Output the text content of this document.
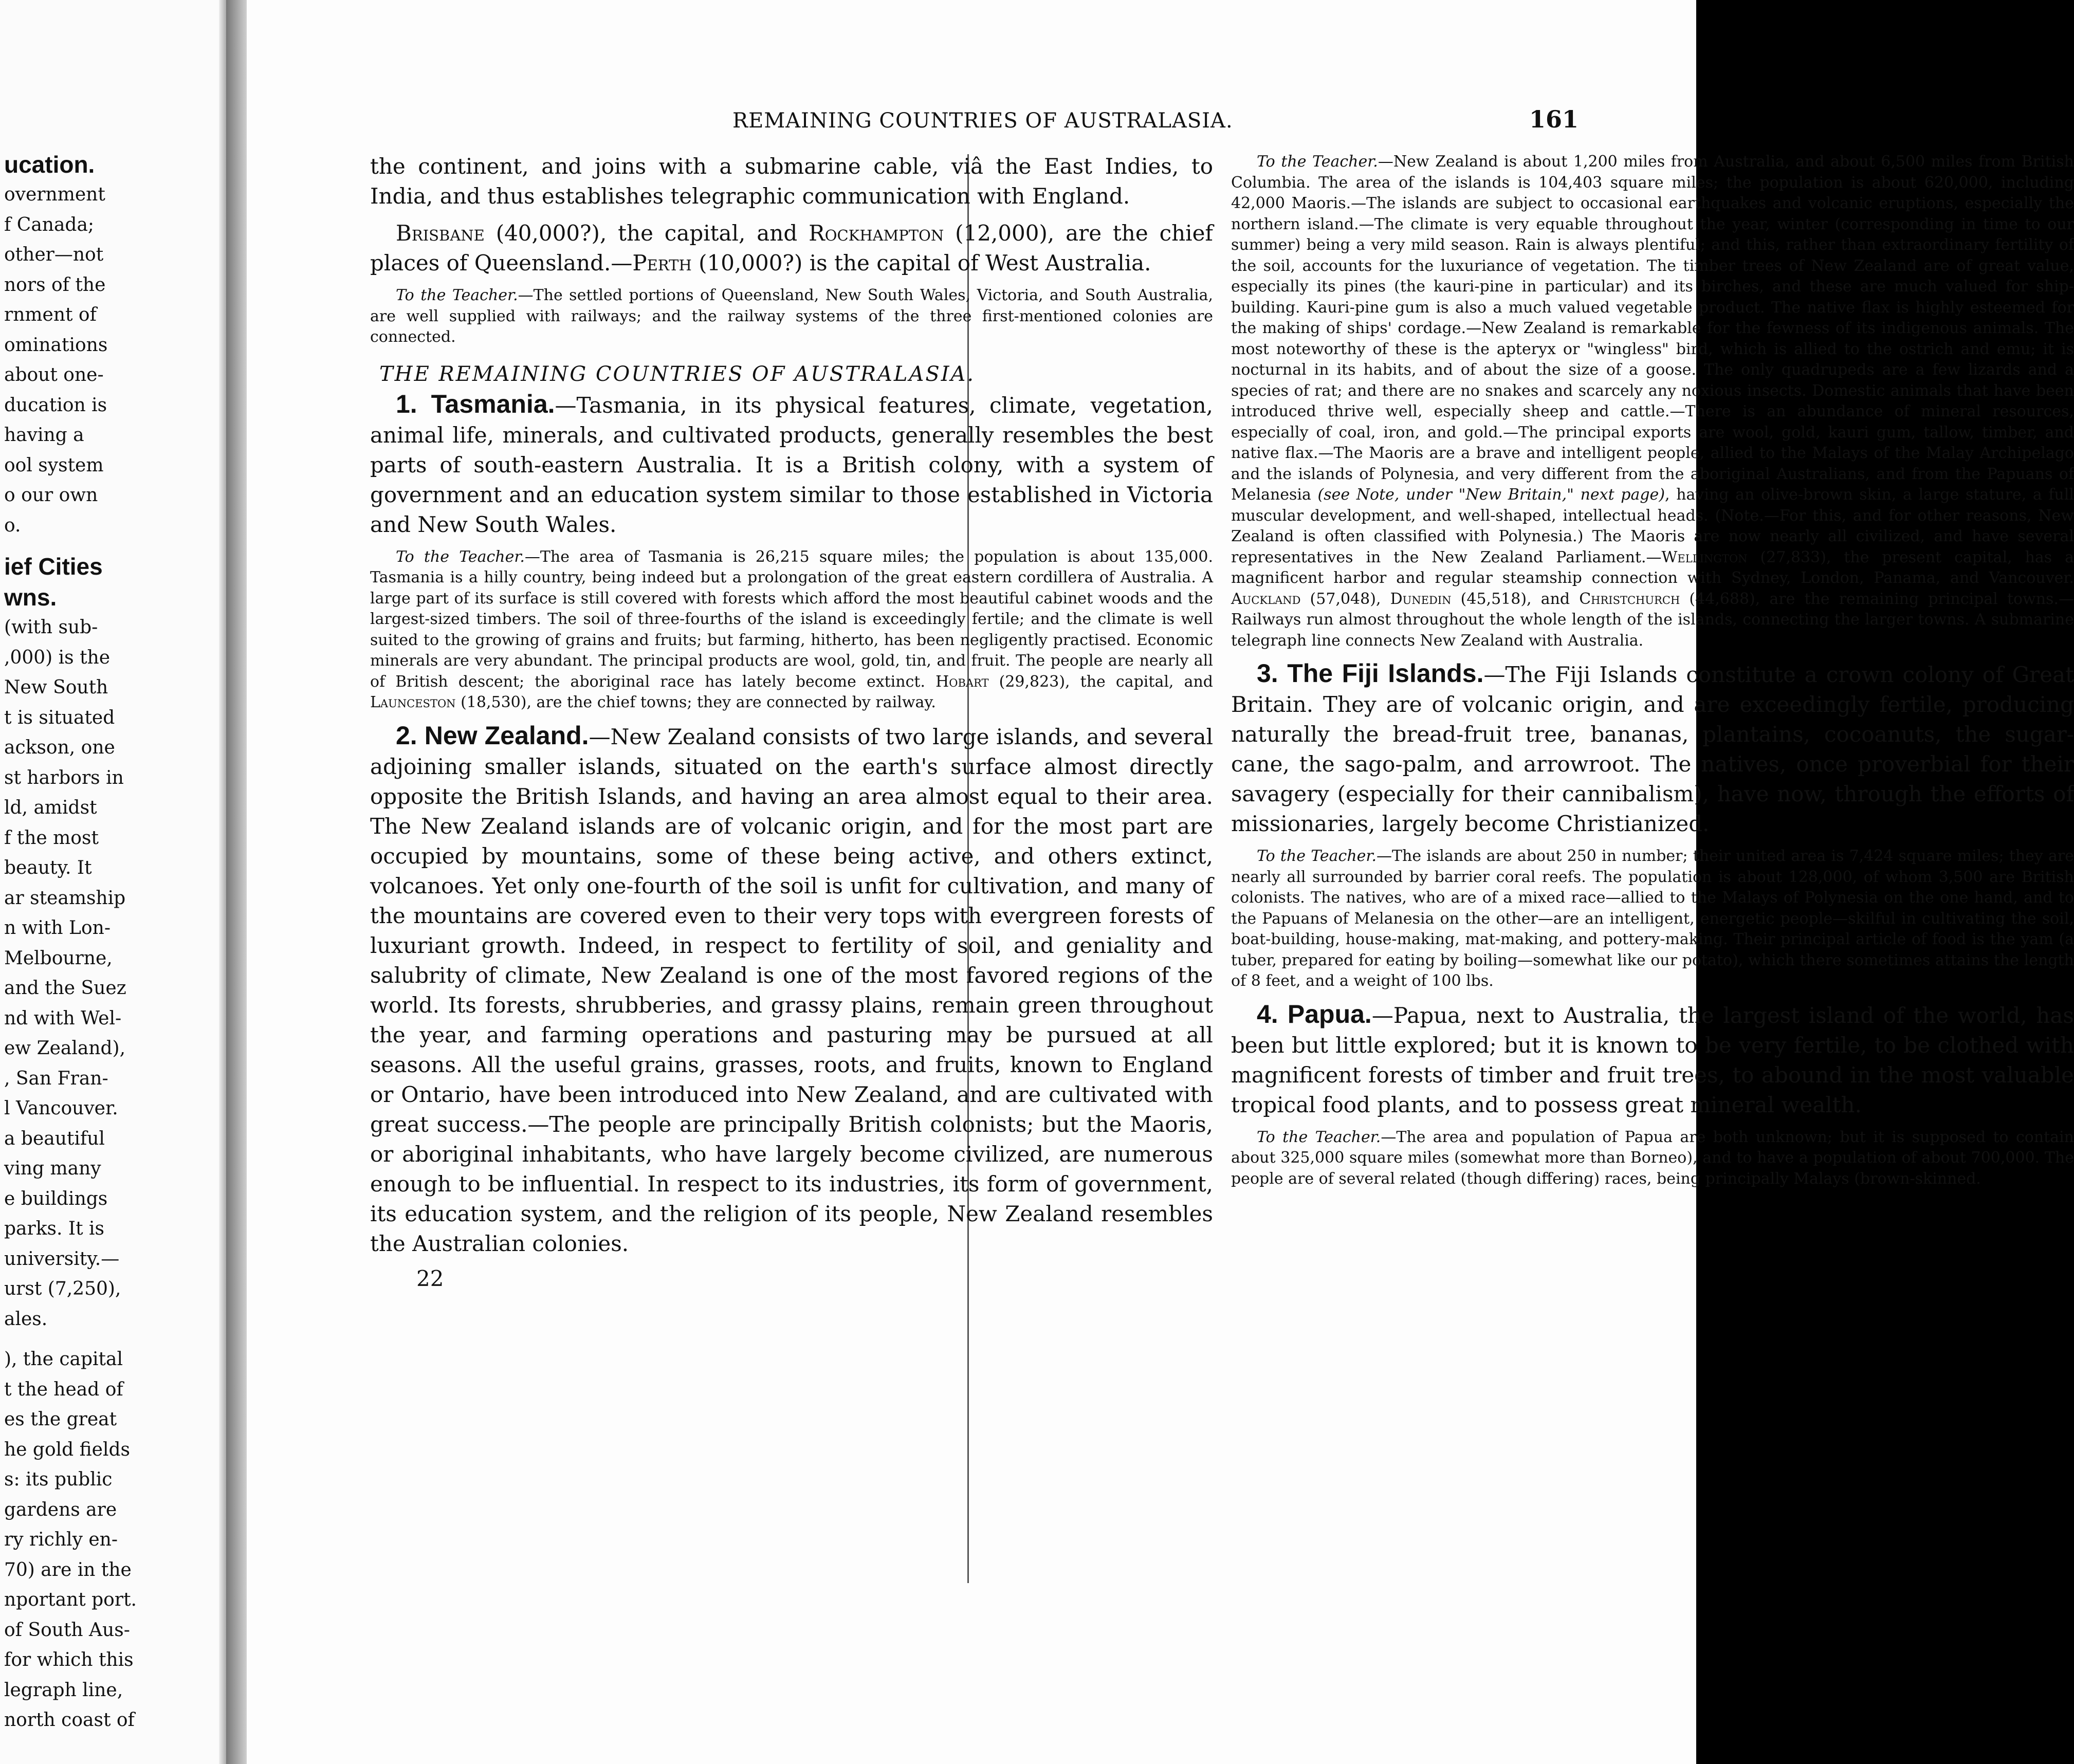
ucation.
overnment
f Canada;
other—not
nors of the
rnment of
ominations
about one-
ducation is
having a
ool system
o our own
o.
ief Cities
wns.
(with sub-
,000) is the
New South
t is situated
ackson, one
st harbors in
ld, amidst
f the most
beauty. It
ar steamship
n with Lon-
Melbourne,
and the Suez
nd with Wel-
ew Zealand),
, San Fran-
l Vancouver.
a beautiful
ving many
e buildings
parks. It is
university.—
urst (7,250),
ales.
), the capital
t the head of
es the great
he gold fields
s: its public
gardens are
ry richly en-
70) are in the
nportant port.
of South Aus-
for which this
legraph line,
north coast of
REMAINING COUNTRIES OF AUSTRALASIA.	161

the continent, and joins with a submarine cable, viâ the East Indies, to India, and thus establishes telegraphic communication with England.

Brisbane (40,000?), the capital, and Rockhampton (12,000), are the chief places of Queensland.—Perth (10,000?) is the capital of West Australia.

To the Teacher.—The settled portions of Queensland, New South Wales, Victoria, and South Australia, are well supplied with railways; and the railway systems of the three first-mentioned colonies are connected.

THE REMAINING COUNTRIES OF AUSTRALASIA.

1. Tasmania.—Tasmania, in its physical features, climate, vegetation, animal life, minerals, and cultivated products, generally resembles the best parts of south-eastern Australia. It is a British colony, with a system of government and an education system similar to those established in Victoria and New South Wales.

To the Teacher.—The area of Tasmania is 26,215 square miles; the population is about 135,000. Tasmania is a hilly country, being indeed but a prolongation of the great eastern cordillera of Australia. A large part of its surface is still covered with forests which afford the most beautiful cabinet woods and the largest-sized timbers. The soil of three-fourths of the island is exceedingly fertile; and the climate is well suited to the growing of grains and fruits; but farming, hitherto, has been negligently practised. Economic minerals are very abundant. The principal products are wool, gold, tin, and fruit. The people are nearly all of British descent; the aboriginal race has lately become extinct. Hobart (29,823), the capital, and Launceston (18,530), are the chief towns; they are connected by railway.

2. New Zealand.—New Zealand consists of two large islands, and several adjoining smaller islands, situated on the earth's surface almost directly opposite the British Islands, and having an area almost equal to their area. The New Zealand islands are of volcanic origin, and for the most part are occupied by mountains, some of these being active, and others extinct, volcanoes. Yet only one-fourth of the soil is unfit for cultivation, and many of the mountains are covered even to their very tops with evergreen forests of luxuriant growth. Indeed, in respect to fertility of soil, and geniality and salubrity of climate, New Zealand is one of the most favored regions of the world. Its forests, shrubberies, and grassy plains, remain green throughout the year, and farming operations and pasturing may be pursued at all seasons. All the useful grains, grasses, roots, and fruits, known to England or Ontario, have been introduced into New Zealand, and are cultivated with great success.—The people are principally British colonists; but the Maoris, or aboriginal inhabitants, who have largely become civilized, are numerous enough to be influential. In respect to its industries, its form of government, its education system, and the religion of its people, New Zealand resembles the Australian colonies.

22

To the Teacher.—New Zealand is about 1,200 miles from Australia, and about 6,500 miles from British Columbia. The area of the islands is 104,403 square miles; the population is about 620,000, including 42,000 Maoris.—The islands are subject to occasional earthquakes and volcanic eruptions, especially the northern island.—The climate is very equable throughout the year, winter (corresponding in time to our summer) being a very mild season. Rain is always plentiful; and this, rather than extraordinary fertility of the soil, accounts for the luxuriance of vegetation. The timber trees of New Zealand are of great value, especially its pines (the kauri-pine in particular) and its birches, and these are much valued for ship-building. Kauri-pine gum is also a much valued vegetable product. The native flax is highly esteemed for the making of ships' cordage.—New Zealand is remarkable for the fewness of its indigenous animals. The most noteworthy of these is the apteryx or "wingless" bird, which is allied to the ostrich and emu; it is nocturnal in its habits, and of about the size of a goose. The only quadrupeds are a few lizards and a species of rat; and there are no snakes and scarcely any noxious insects. Domestic animals that have been introduced thrive well, especially sheep and cattle.—There is an abundance of mineral resources, especially of coal, iron, and gold.—The principal exports are wool, gold, kauri gum, tallow, timber, and native flax.—The Maoris are a brave and intelligent people, allied to the Malays of the Malay Archipelago and the islands of Polynesia, and very different from the aboriginal Australians, and from the Papuans of Melanesia (see Note, under "New Britain," next page), having an olive-brown skin, a large stature, a full muscular development, and well-shaped, intellectual heads. (Note.—For this, and for other reasons, New Zealand is often classified with Polynesia.) The Maoris are now nearly all civilized, and have several representatives in the New Zealand Parliament.—Wellington (27,833), the present capital, has a magnificent harbor and regular steamship connection with Sydney, London, Panama, and Vancouver. Auckland (57,048), Dunedin (45,518), and Christchurch (44,688), are the remaining principal towns.—Railways run almost throughout the whole length of the islands, connecting the larger towns. A submarine telegraph line connects New Zealand with Australia.

3. The Fiji Islands.—The Fiji Islands constitute a crown colony of Great Britain. They are of volcanic origin, and are exceedingly fertile, producing naturally the bread-fruit tree, bananas, plantains, cocoanuts, the sugar-cane, the sago-palm, and arrowroot. The natives, once proverbial for their savagery (especially for their cannibalism), have now, through the efforts of missionaries, largely become Christianized.

To the Teacher.—The islands are about 250 in number; their united area is 7,424 square miles; they are nearly all surrounded by barrier coral reefs. The population is about 128,000, of whom 3,500 are British colonists. The natives, who are of a mixed race—allied to the Malays of Polynesia on the one hand, and to the Papuans of Melanesia on the other—are an intelligent, energetic people—skilful in cultivating the soil, boat-building, house-making, mat-making, and pottery-making. Their principal article of food is the yam (a tuber, prepared for eating by boiling—somewhat like our potato), which there sometimes attains the length of 8 feet, and a weight of 100 lbs.

4. Papua.—Papua, next to Australia, the largest island of the world, has been but little explored; but it is known to be very fertile, to be clothed with magnificent forests of timber and fruit trees, to abound in the most valuable tropical food plants, and to possess great mineral wealth.

To the Teacher.—The area and population of Papua are both unknown; but it is supposed to contain about 325,000 square miles (somewhat more than Borneo), and to have a population of about 700,000. The people are of several related (though differing) races, being principally Malays (brown-skinned.
